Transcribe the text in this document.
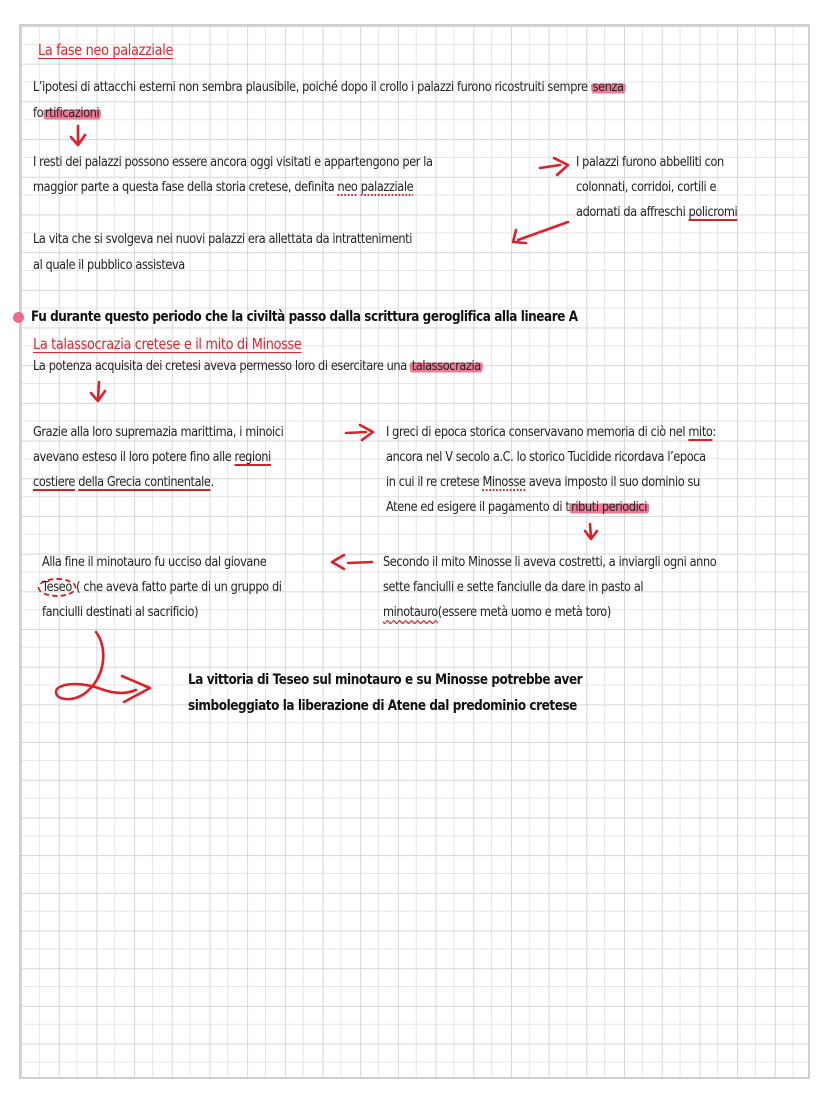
La fase neo palazziale
L’ipotesi di attacchi esterni non sembra plausibile, poiché dopo il crollo i palazzi furono ricostruiti sempre senza
fo rtificazioni
I resti dei palazzi possono essere ancora oggi visitati e appartengono per la
maggior parte a questa fase della storia cretese, definita neo palazziale
I palazzi furono abbelliti con
colonnati, corridoi, cortili e
adornati da affreschi policromi
La vita che si svolgeva nei nuovi palazzi era allettata da intrattenimenti
al quale il pubblico assisteva
Fu durante questo periodo che la civiltà passo dalla scrittura geroglifica alla lineare A
La talassocrazia cretese e il mito di Minosse
La potenza acquisita dei cretesi aveva permesso loro di esercitare una talassocrazia
Grazie alla loro supremazia marittima, i minoici
avevano esteso il loro potere fino alle regioni
costiere della Grecia continentale.
I greci di epoca storica conservavano memoria di ciò nel mito:
ancora nel V secolo a.C. lo storico Tucidide ricordava l’epoca
in cui il re cretese Minosse aveva imposto il suo dominio su
Atene ed esigere il pagamento di t ributi periodici
Secondo il mito Minosse li aveva costretti, a inviargli ogni anno
sette fanciulli e sette fanciulle da dare in pasto al
minotauro(essere metà uomo e metà toro)
Alla fine il minotauro fu ucciso dal giovane
Teseo ( che aveva fatto parte di un gruppo di
fanciulli destinati al sacrificio)
La vittoria di Teseo sul minotauro e su Minosse potrebbe aver
simboleggiato la liberazione di Atene dal predominio cretese
